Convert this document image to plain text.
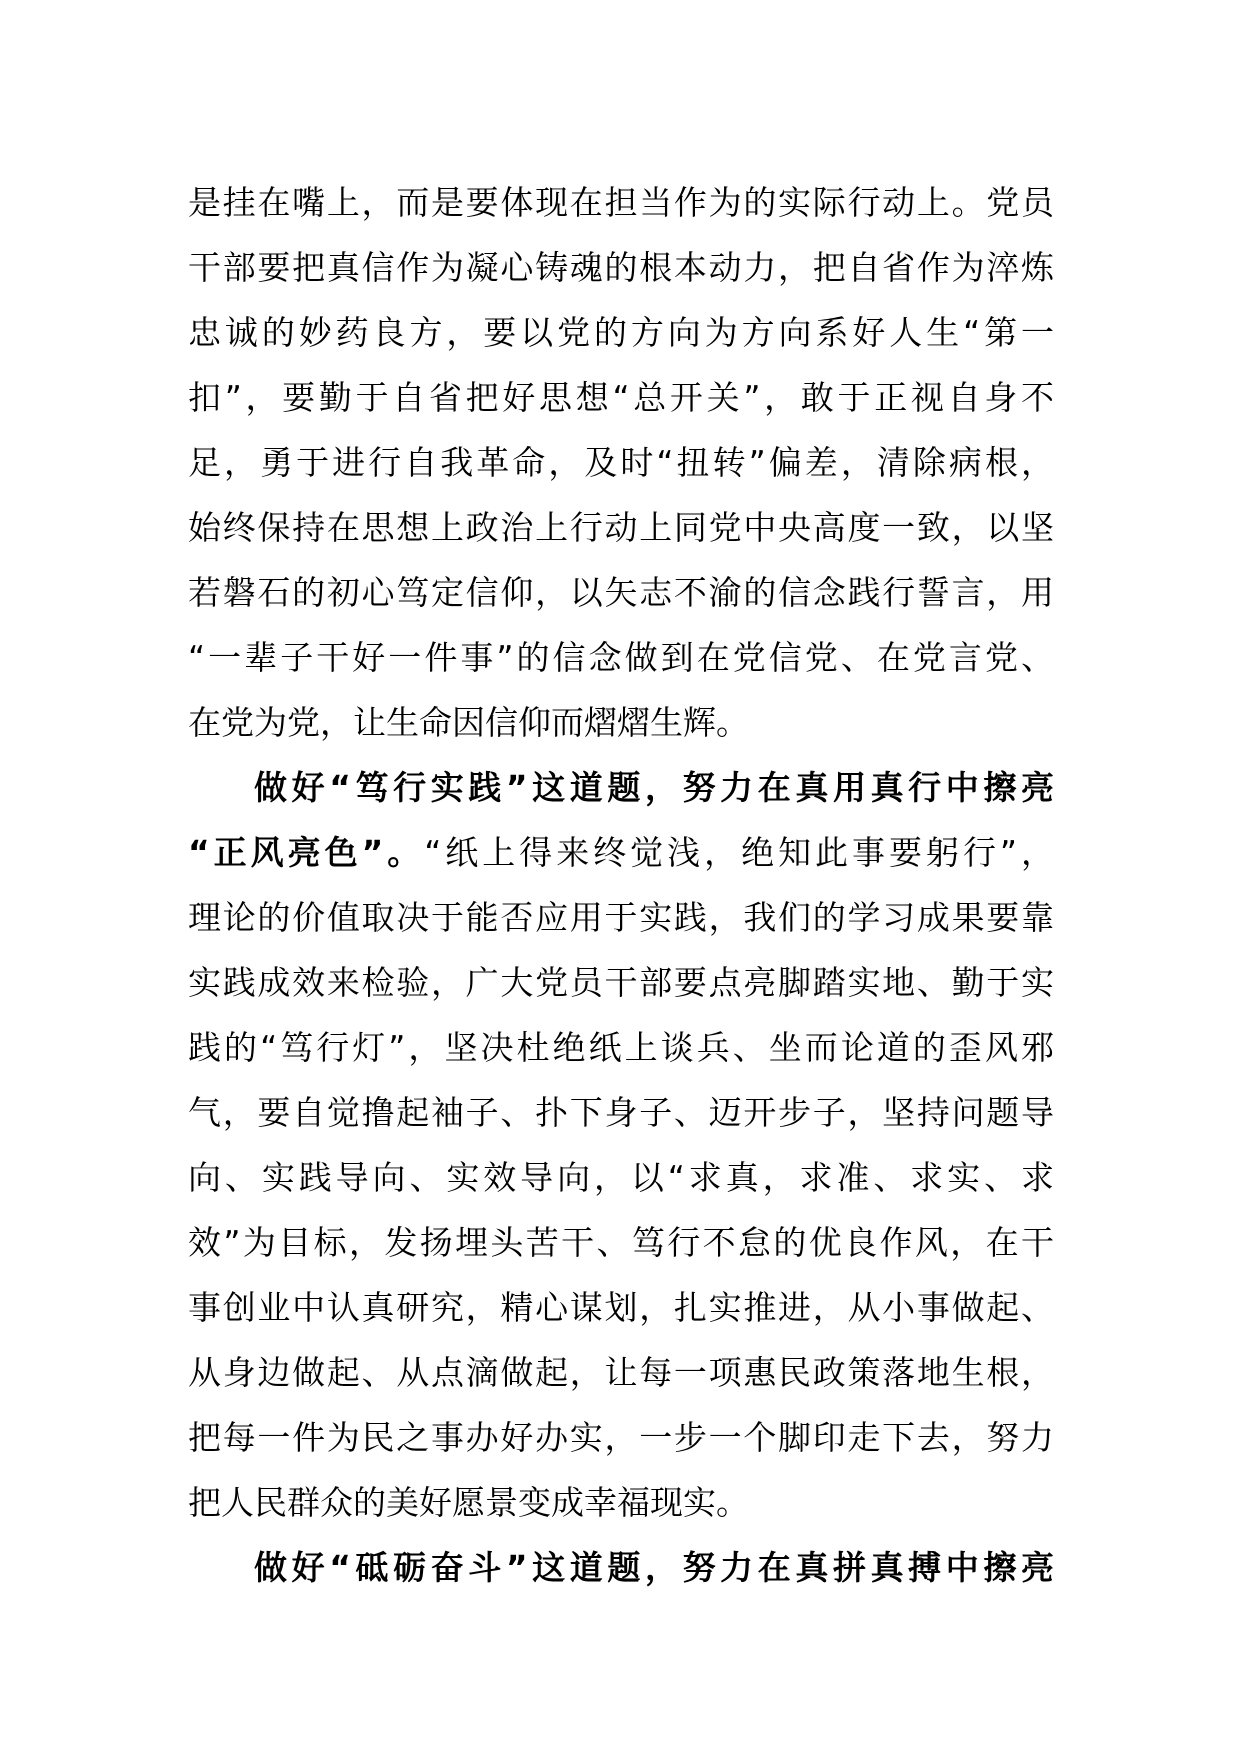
是挂在嘴上，而是要体现在担当作为的实际行动上。党员
干部要把真信作为凝心铸魂的根本动力，把自省作为淬炼
忠诚的妙药良方，要以党的方向为方向系好人生“第一
扣”，要勤于自省把好思想“总开关”，敢于正视自身不
足，勇于进行自我革命，及时“扭转”偏差，清除病根，
始终保持在思想上政治上行动上同党中央高度一致，以坚
若磐石的初心笃定信仰，以矢志不渝的信念践行誓言，用
“一辈子干好一件事”的信念做到在党信党、在党言党、
在党为党，让生命因信仰而熠熠生辉。
做好“笃行实践”这道题，努力在真用真行中擦亮
“正风亮色”。“纸上得来终觉浅，绝知此事要躬行”，
理论的价值取决于能否应用于实践，我们的学习成果要靠
实践成效来检验，广大党员干部要点亮脚踏实地、勤于实
践的“笃行灯”，坚决杜绝纸上谈兵、坐而论道的歪风邪
气，要自觉撸起袖子、扑下身子、迈开步子，坚持问题导
向、实践导向、实效导向，以“求真，求准、求实、求
效”为目标，发扬埋头苦干、笃行不怠的优良作风，在干
事创业中认真研究，精心谋划，扎实推进，从小事做起、
从身边做起、从点滴做起，让每一项惠民政策落地生根，
把每一件为民之事办好办实，一步一个脚印走下去，努力
把人民群众的美好愿景变成幸福现实。
做好“砥砺奋斗”这道题，努力在真拼真搏中擦亮
